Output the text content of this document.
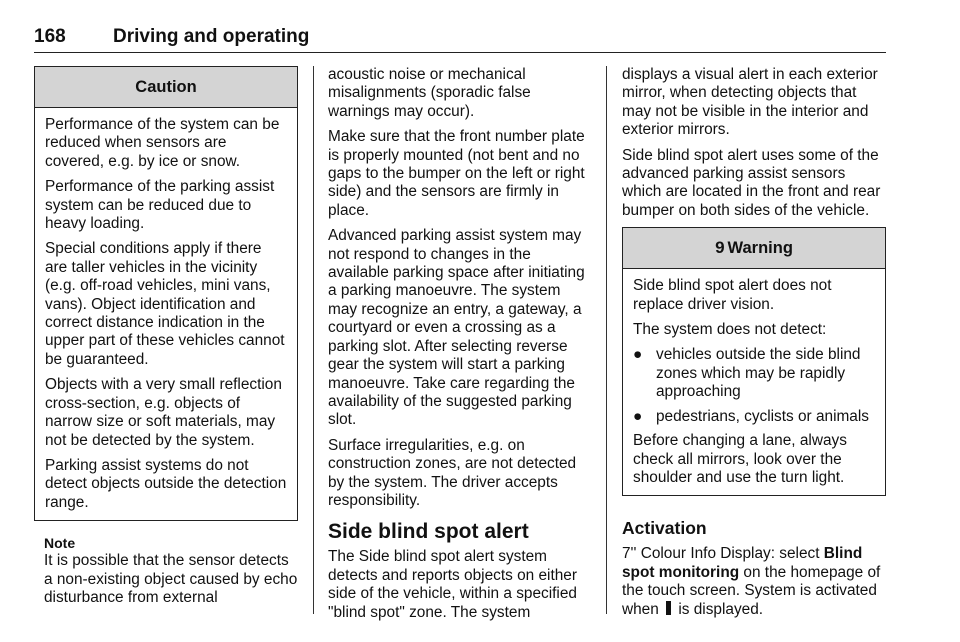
168 Driving and operating
Caution

Performance of the system can be reduced when sensors are covered, e.g. by ice or snow.

Performance of the parking assist system can be reduced due to heavy loading.

Special conditions apply if there are taller vehicles in the vicinity (e.g. off-road vehicles, mini vans, vans). Object identification and correct distance indication in the upper part of these vehicles cannot be guaranteed.

Objects with a very small reflection cross-section, e.g. objects of narrow size or soft materials, may not be detected by the system.

Parking assist systems do not detect objects outside the detection range.

Note

It is possible that the sensor detects a non-existing object caused by echo disturbance from external

acoustic noise or mechanical misalignments (sporadic false warnings may occur).

Make sure that the front number plate is properly mounted (not bent and no gaps to the bumper on the left or right side) and the sensors are firmly in place.

Advanced parking assist system may not respond to changes in the available parking space after initiating a parking manoeuvre. The system may recognize an entry, a gateway, a courtyard or even a crossing as a parking slot. After selecting reverse gear the system will start a parking manoeuvre. Take care regarding the availability of the suggested parking slot.

Surface irregularities, e.g. on construction zones, are not detected by the system. The driver accepts responsibility.

Side blind spot alert

The Side blind spot alert system detects and reports objects on either side of the vehicle, within a specified "blind spot" zone. The system

displays a visual alert in each exterior mirror, when detecting objects that may not be visible in the interior and exterior mirrors.

Side blind spot alert uses some of the advanced parking assist sensors which are located in the front and rear bumper on both sides of the vehicle.

9 Warning

Side blind spot alert does not replace driver vision.

The system does not detect:

● vehicles outside the side blind zones which may be rapidly approaching
● pedestrians, cyclists or animals

Before changing a lane, always check all mirrors, look over the shoulder and use the turn light.

Activation

7'' Colour Info Display: select Blind spot monitoring on the homepage of the touch screen. System is activated when  is displayed.
